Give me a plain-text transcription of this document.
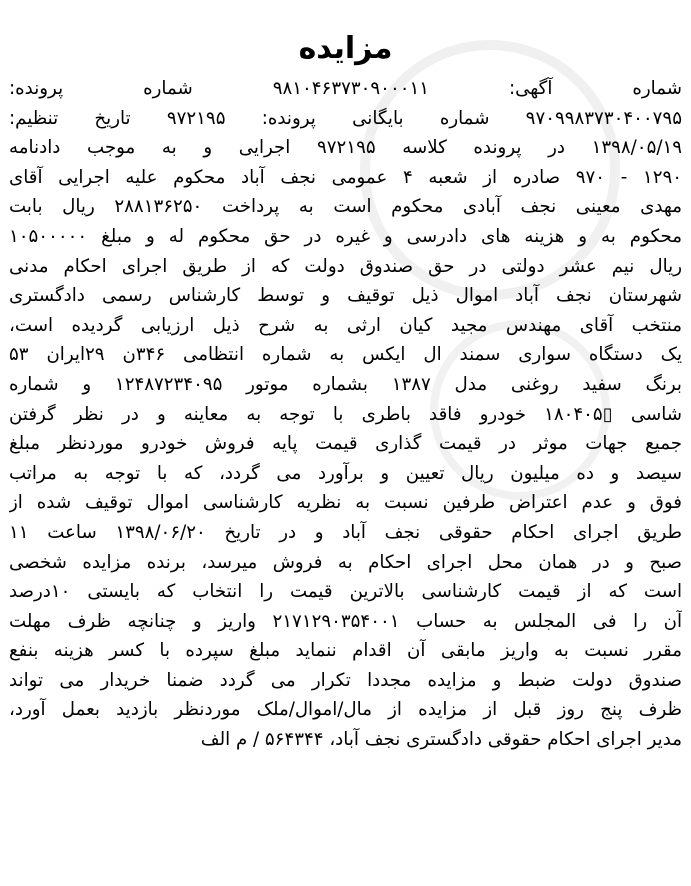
مزایده
شماره آگهی: ۹۸۱۰۴۶۳۷۳۰۹۰۰۰۱۱ شماره پرونده:
۹۷۰۹۹۸۳۷۳۰۴۰۰۷۹۵ شماره بایگانی پرونده: ۹۷۲۱۹۵ تاریخ تنظیم:
۱۳۹۸/۰۵/۱۹ در پرونده کلاسه ۹۷۲۱۹۵ اجرایی و به موجب دادنامه
۱۲۹۰ - ۹۷۰ صادره از شعبه ۴ عمومی نجف آباد محکوم علیه اجرایی آقای
مهدی معینی نجف آبادی محکوم است به پرداخت ۲۸۸۱۳۶۲۵۰ ریال بابت
محکوم به و هزینه های دادرسی و غیره در حق محکوم له و مبلغ ۱۰۵۰۰۰۰۰
ریال نیم عشر دولتی در حق صندوق دولت که از طریق اجرای احکام مدنی
شهرستان نجف آباد اموال ذیل توقیف و توسط کارشناس رسمی دادگستری
منتخب آقای مهندس مجید کیان ارثی به شرح ذیل ارزیابی گردیده است،
یک دستگاه سواری سمند ال ایکس به شماره انتظامی ۳۴۶ن ۲۹ایران ۵۳
برنگ سفید روغنی مدل ۱۳۸۷ بشماره موتور ۱۲۴۸۷۲۳۴۰۹۵ و شماره
شاسی ▯۱۸۰۴۰۵ خودرو فاقد باطری با توجه به معاینه و در نظر گرفتن
جمیع جهات موثر در قیمت گذاری قیمت پایه فروش خودرو موردنظر مبلغ
سیصد و ده میلیون ریال تعیین و برآورد می گردد، که با توجه به مراتب
فوق و عدم اعتراض طرفین نسبت به نظریه کارشناسی اموال توقیف شده از
طریق اجرای احکام حقوقی نجف آباد و در تاریخ ۱۳۹۸/۰۶/۲۰ ساعت ۱۱
صبح و در همان محل اجرای احکام به فروش میرسد، برنده مزایده شخصی
است که از قیمت کارشناسی بالاترین قیمت را انتخاب که بایستی ۱۰درصد
آن را فی المجلس به حساب ۲۱۷۱۲۹۰۳۵۴۰۰۱ واریز و چنانچه ظرف مهلت
مقرر نسبت به واریز مابقی آن اقدام ننماید مبلغ سپرده با کسر هزینه بنفع
صندوق دولت ضبط و مزایده مجددا تکرار می گردد ضمنا خریدار می تواند
ظرف پنج روز قبل از مزایده از مال/اموال/ملک موردنظر بازدید بعمل آورد،
مدیر اجرای احکام حقوقی دادگستری نجف آباد، ۵۶۴۳۴۴ / م الف
